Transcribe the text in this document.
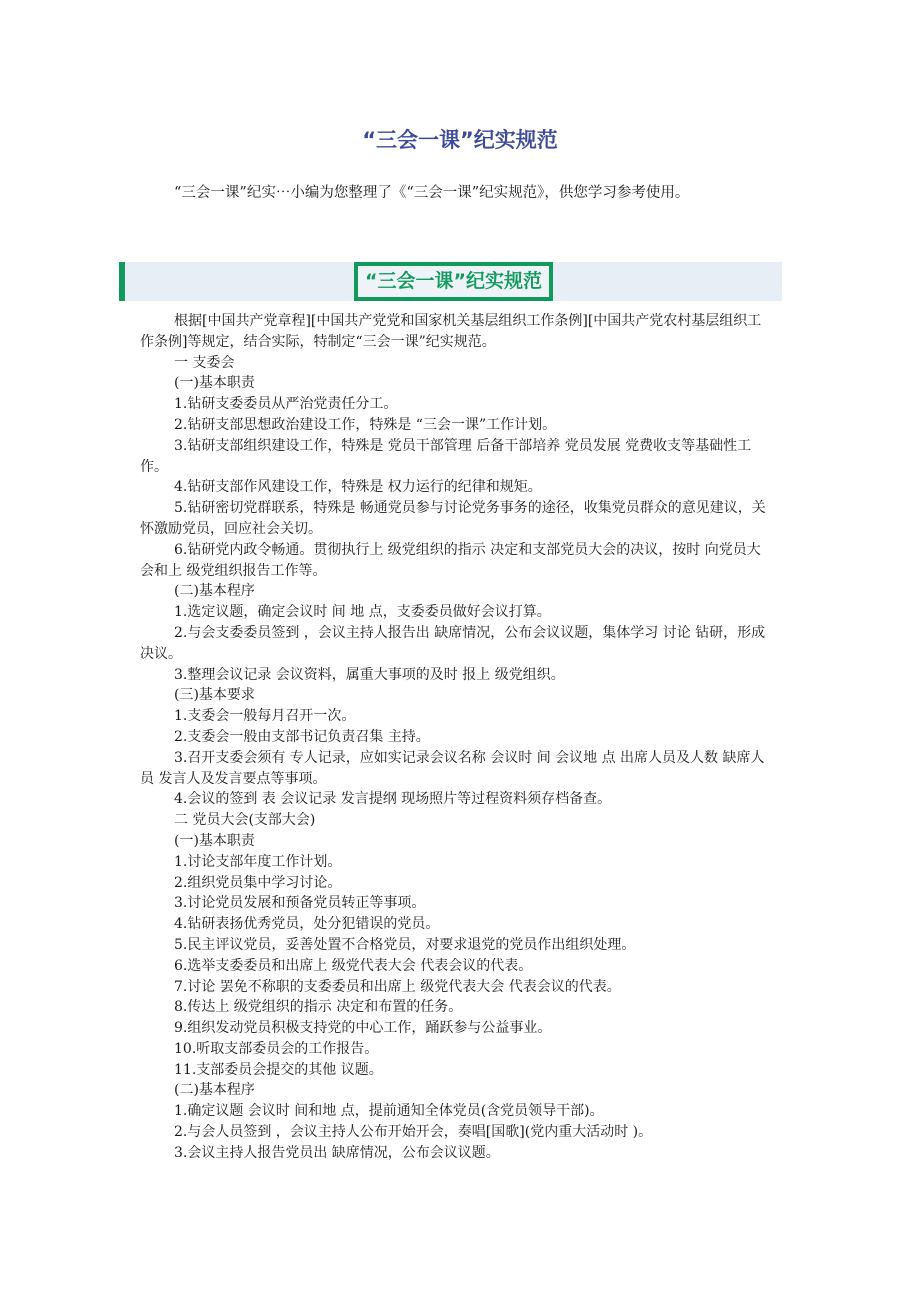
“三会一课”纪实规范
“三会一课”纪实⋯小编为您整理了《“三会一课”纪实规范》，供您学习参考使用。
“三会一课”纪实规范

根据[中国共产党章程][中国共产党党和国家机关基层组织工作条例][中国共产党农村基层组织工作条例]等规定，结合实际，特制定“三会一课”纪实规范。

一 支委会

(一)基本职责

1.钻研支委委员从严治党责任分工。

2.钻研支部思想政治建设工作，特殊是 “三会一课”工作计划。

3.钻研支部组织建设工作，特殊是 党员干部管理 后备干部培养 党员发展 党费收支等基础性工作。

4.钻研支部作风建设工作，特殊是 权力运行的纪律和规矩。

5.钻研密切党群联系，特殊是 畅通党员参与讨论党务事务的途径，收集党员群众的意见建议，关怀激励党员，回应社会关切。

6.钻研党内政令畅通。贯彻执行上 级党组织的指示 决定和支部党员大会的决议，按时 向党员大会和上 级党组织报告工作等。

(二)基本程序

1.选定议题，确定会议时 间 地 点，支委委员做好会议打算。

2.与会支委委员签到 ，会议主持人报告出 缺席情况，公布会议议题，集体学习 讨论 钻研，形成决议。

3.整理会议记录 会议资料，属重大事项的及时 报上 级党组织。

(三)基本要求

1.支委会一般每月召开一次。

2.支委会一般由支部书记负责召集 主持。

3.召开支委会须有 专人记录，应如实记录会议名称 会议时 间 会议地 点 出席人员及人数 缺席人员 发言人及发言要点等事项。

4.会议的签到 表 会议记录 发言提纲 现场照片等过程资料须存档备查。

二 党员大会(支部大会)

(一)基本职责

1.讨论支部年度工作计划。

2.组织党员集中学习讨论。

3.讨论党员发展和预备党员转正等事项。

4.钻研表扬优秀党员，处分犯错误的党员。

5.民主评议党员，妥善处置不合格党员，对要求退党的党员作出组织处理。

6.选举支委委员和出席上 级党代表大会 代表会议的代表。

7.讨论 罢免不称职的支委委员和出席上 级党代表大会 代表会议的代表。

8.传达上 级党组织的指示 决定和布置的任务。

9.组织发动党员积极支持党的中心工作，踊跃参与公益事业。

10.听取支部委员会的工作报告。

11.支部委员会提交的其他 议题。

(二)基本程序

1.确定议题 会议时 间和地 点，提前通知全体党员(含党员领导干部)。

2.与会人员签到 ，会议主持人公布开始开会，奏唱[国歌](党内重大活动时 )。

3.会议主持人报告党员出 缺席情况，公布会议议题。
